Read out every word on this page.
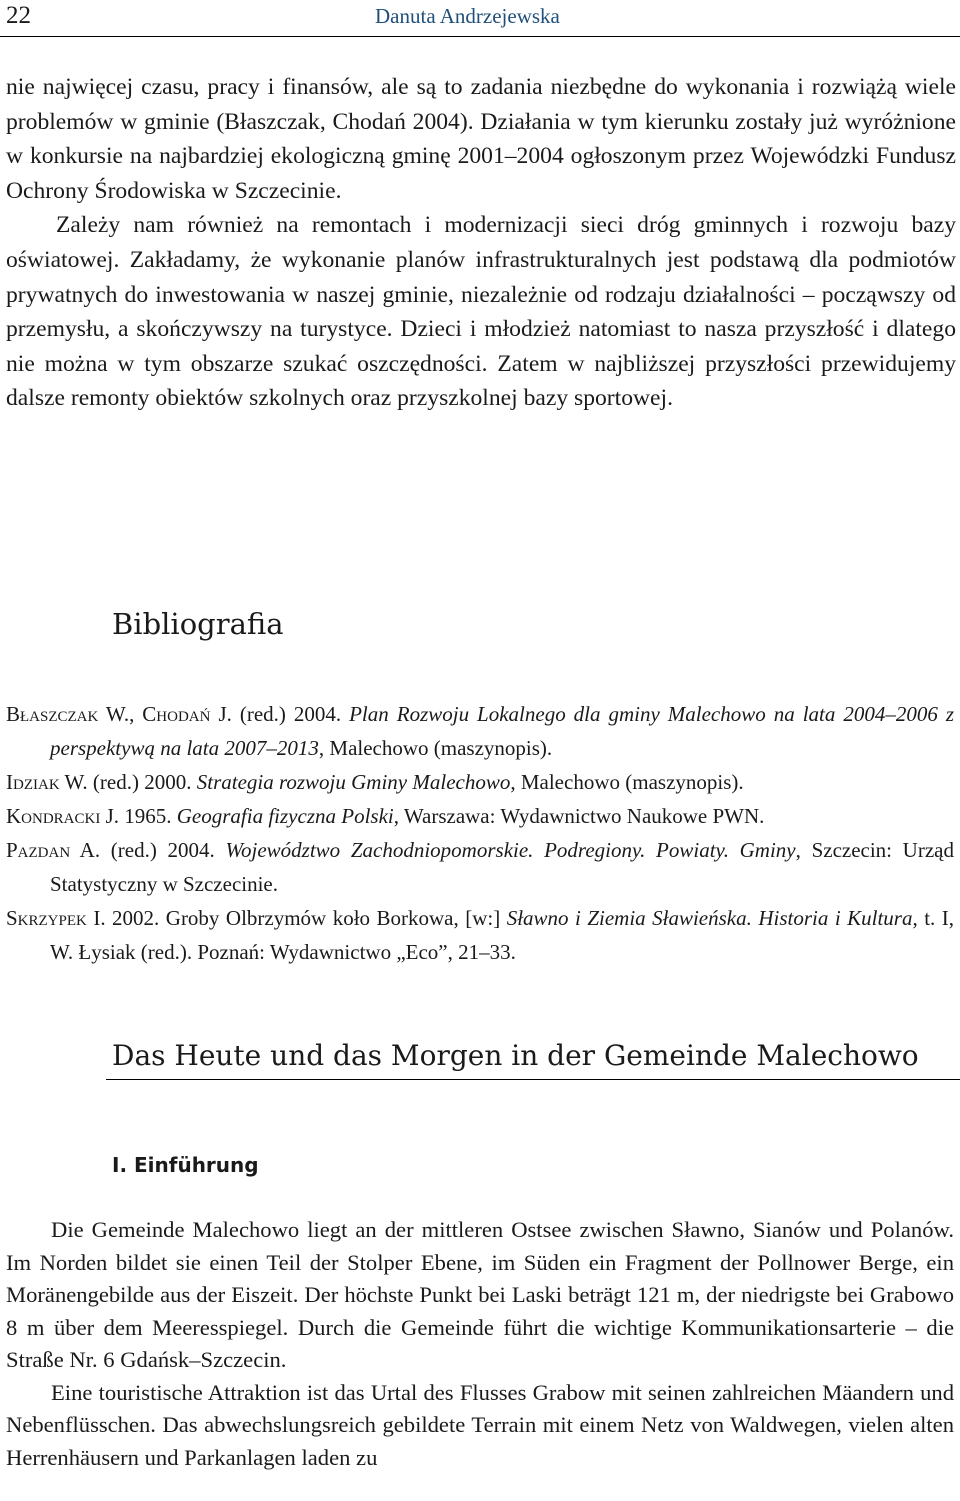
22	Danuta Andrzejewska

nie najwięcej czasu, pracy i finansów, ale są to zadania niezbędne do wykonania i rozwiążą wiele problemów w gminie (Błaszczak, Chodań 2004). Działania w tym kierunku zostały już wyróżnione w konkursie na najbardziej ekologiczną gminę 2001–2004 ogłoszonym przez Wojewódzki Fundusz Ochrony Środowiska w Szczecinie.

Zależy nam również na remontach i modernizacji sieci dróg gminnych i rozwoju bazy oświatowej. Zakładamy, że wykonanie planów infrastrukturalnych jest podstawą dla podmiotów prywatnych do inwestowania w naszej gminie, niezależnie od rodzaju działalności – począwszy od przemysłu, a skończywszy na turystyce. Dzieci i młodzież natomiast to nasza przyszłość i dlatego nie można w tym obszarze szukać oszczędności. Zatem w najbliższej przyszłości przewidujemy dalsze remonty obiektów szkolnych oraz przyszkolnej bazy sportowej.

Bibliografia

Błaszczak W., Chodań J. (red.) 2004. Plan Rozwoju Lokalnego dla gminy Malechowo na lata 2004–2006 z perspektywą na lata 2007–2013, Malechowo (maszynopis).

Idziak W. (red.) 2000. Strategia rozwoju Gminy Malechowo, Malechowo (maszynopis).

Kondracki J. 1965. Geografia fizyczna Polski, Warszawa: Wydawnictwo Naukowe PWN.

Pazdan A. (red.) 2004. Województwo Zachodniopomorskie. Podregiony. Powiaty. Gminy, Szczecin: Urząd Statystyczny w Szczecinie.

Skrzypek I. 2002. Groby Olbrzymów koło Borkowa, [w:] Sławno i Ziemia Sławieńska. Historia i Kultura, t. I, W. Łysiak (red.). Poznań: Wydawnictwo „Eco”, 21–33.

Das Heute und das Morgen in der Gemeinde Malechowo
I. Einführung

Die Gemeinde Malechowo liegt an der mittleren Ostsee zwischen Sławno, Sianów und Polanów. Im Norden bildet sie einen Teil der Stolper Ebene, im Süden ein Fragment der Pollnower Berge, ein Moränengebilde aus der Eiszeit. Der höchste Punkt bei Laski beträgt 121 m, der niedrigste bei Grabowo 8 m über dem Meeresspiegel. Durch die Gemeinde führt die wichtige Kommunikationsarterie – die Straße Nr. 6 Gdańsk–Szczecin.

Eine touristische Attraktion ist das Urtal des Flusses Grabow mit seinen zahlreichen Mäandern und Nebenflüsschen. Das abwechslungsreich gebildete Terrain mit einem Netz von Waldwegen, vielen alten Herrenhäusern und Parkanlagen laden zu
